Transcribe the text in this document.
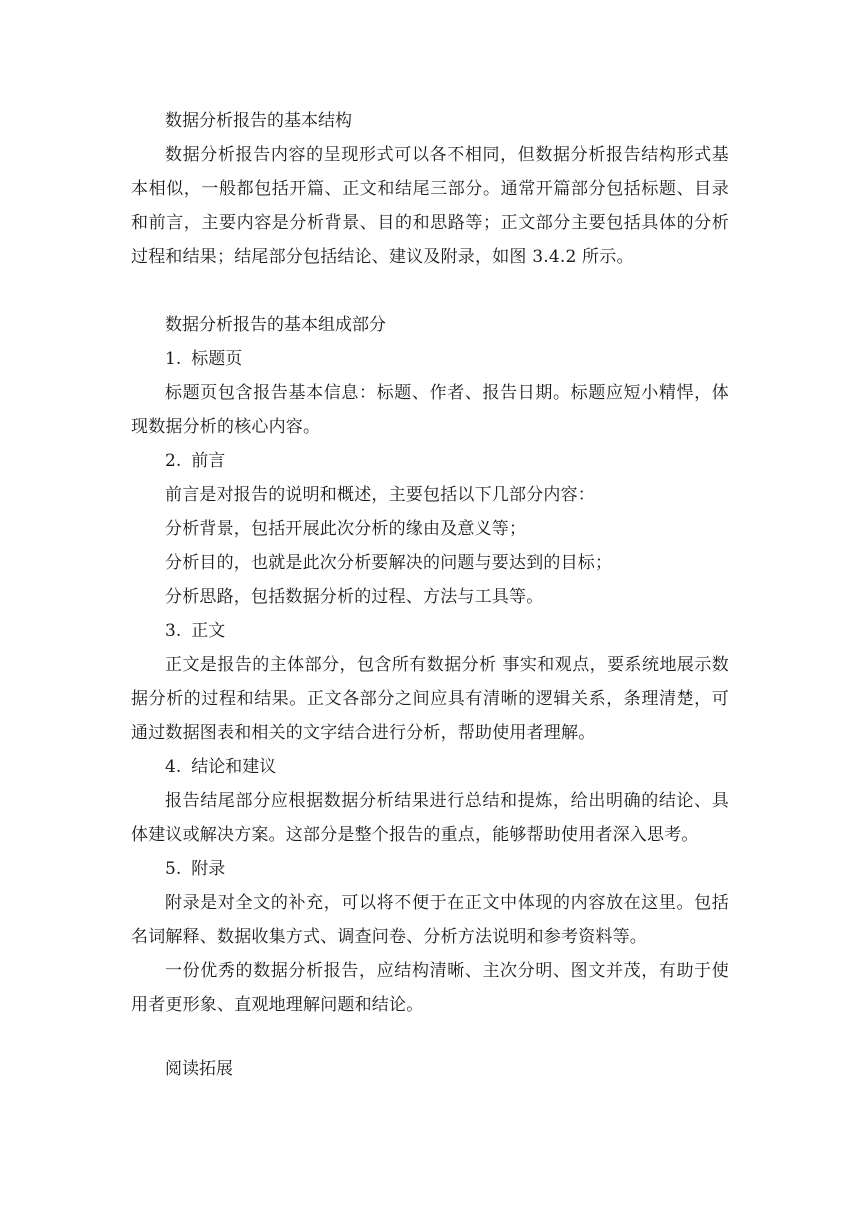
数据分析报告的基本结构
数据分析报告内容的呈现形式可以各不相同，但数据分析报告结构形式基本相似，一般都包括开篇、正文和结尾三部分。通常开篇部分包括标题、目录和前言，主要内容是分析背景、目的和思路等；正文部分主要包括具体的分析过程和结果；结尾部分包括结论、建议及附录，如图 3.4.2 所示。
数据分析报告的基本组成部分
1. 标题页
标题页包含报告基本信息：标题、作者、报告日期。标题应短小精悍，体现数据分析的核心内容。
2. 前言
前言是对报告的说明和概述，主要包括以下几部分内容：
分析背景，包括开展此次分析的缘由及意义等；
分析目的，也就是此次分析要解决的问题与要达到的目标；
分析思路，包括数据分析的过程、方法与工具等。
3. 正文
正文是报告的主体部分，包含所有数据分析 事实和观点，要系统地展示数据分析的过程和结果。正文各部分之间应具有清晰的逻辑关系，条理清楚，可通过数据图表和相关的文字结合进行分析，帮助使用者理解。
4. 结论和建议
报告结尾部分应根据数据分析结果进行总结和提炼，给出明确的结论、具体建议或解决方案。这部分是整个报告的重点，能够帮助使用者深入思考。
5. 附录
附录是对全文的补充，可以将不便于在正文中体现的内容放在这里。包括名词解释、数据收集方式、调查问卷、分析方法说明和参考资料等。
一份优秀的数据分析报告，应结构清晰、主次分明、图文并茂，有助于使用者更形象、直观地理解问题和结论。
阅读拓展
